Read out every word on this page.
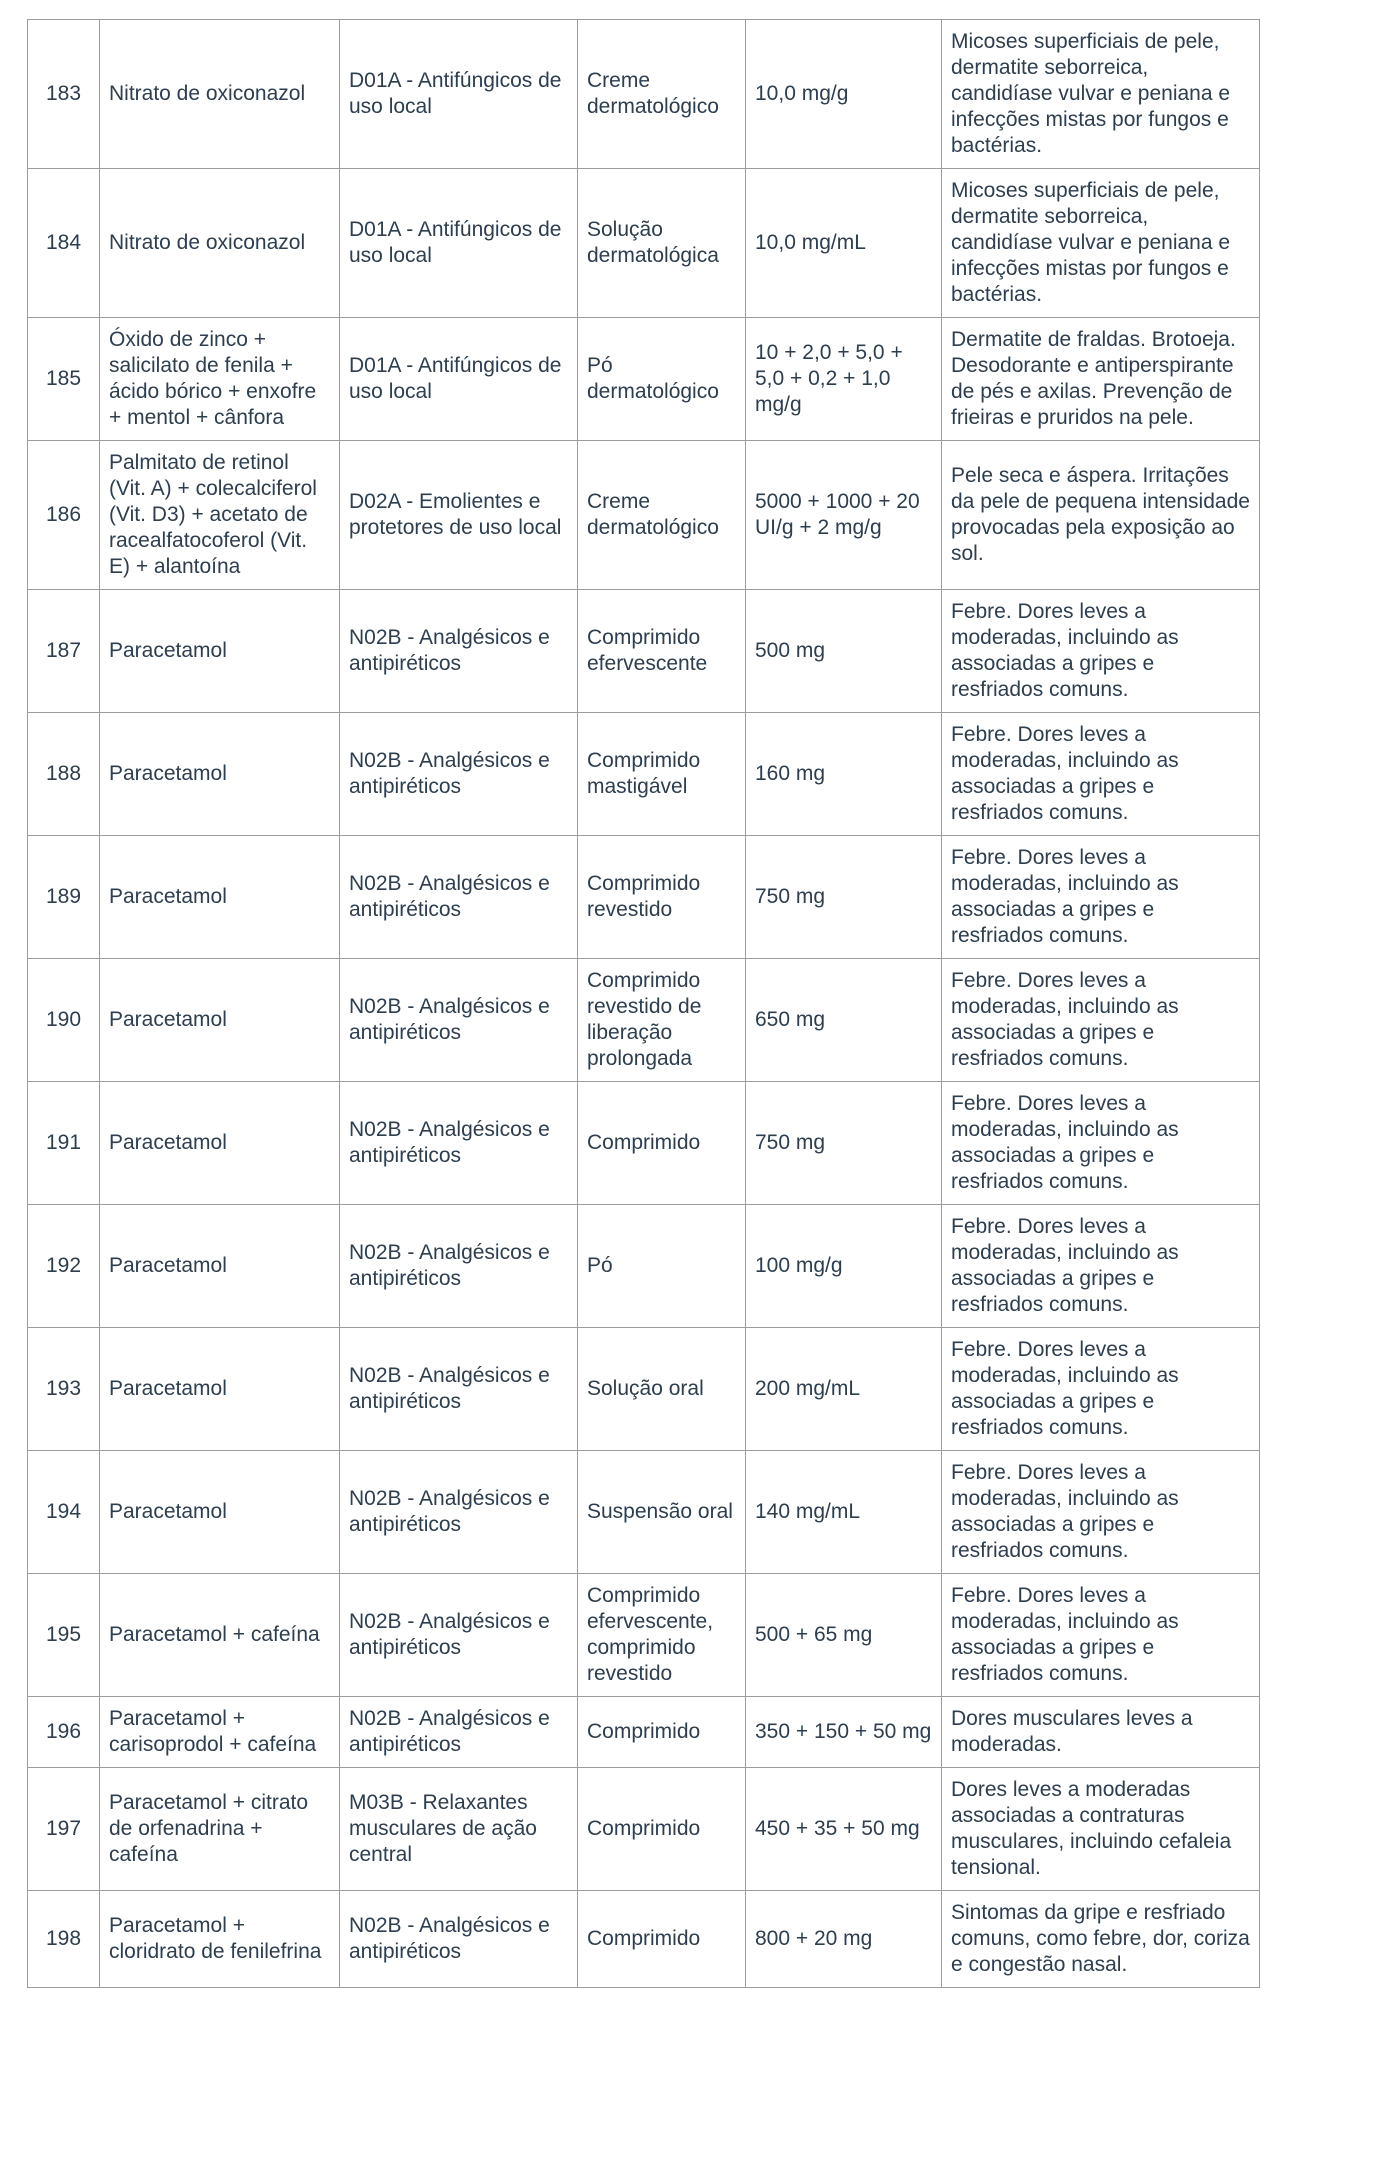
183	Nitrato de oxiconazol	D01A - Antifúngicos de uso local	Creme dermatológico	10,0 mg/g	Micoses superficiais de pele, dermatite seborreica, candidíase vulvar e peniana e infecções mistas por fungos e bactérias.
184	Nitrato de oxiconazol	D01A - Antifúngicos de uso local	Solução dermatológica	10,0 mg/mL	Micoses superficiais de pele, dermatite seborreica, candidíase vulvar e peniana e infecções mistas por fungos e bactérias.
185	Óxido de zinco + salicilato de fenila + ácido bórico + enxofre + mentol + cânfora	D01A - Antifúngicos de uso local	Pó dermatológico	10 + 2,0 + 5,0 + 5,0 + 0,2 + 1,0 mg/g	Dermatite de fraldas. Brotoeja. Desodorante e antiperspirante de pés e axilas. Prevenção de frieiras e pruridos na pele.
186	Palmitato de retinol (Vit. A) + colecalciferol (Vit. D3) + acetato de racealfatocoferol (Vit. E) + alantoína	D02A - Emolientes e protetores de uso local	Creme dermatológico	5000 + 1000 + 20 UI/g + 2 mg/g	Pele seca e áspera. Irritações da pele de pequena intensidade provocadas pela exposição ao sol.
187	Paracetamol	N02B - Analgésicos e antipiréticos	Comprimido efervescente	500 mg	Febre. Dores leves a moderadas, incluindo as associadas a gripes e resfriados comuns.
188	Paracetamol	N02B - Analgésicos e antipiréticos	Comprimido mastigável	160 mg	Febre. Dores leves a moderadas, incluindo as associadas a gripes e resfriados comuns.
189	Paracetamol	N02B - Analgésicos e antipiréticos	Comprimido revestido	750 mg	Febre. Dores leves a moderadas, incluindo as associadas a gripes e resfriados comuns.
190	Paracetamol	N02B - Analgésicos e antipiréticos	Comprimido revestido de liberação prolongada	650 mg	Febre. Dores leves a moderadas, incluindo as associadas a gripes e resfriados comuns.
191	Paracetamol	N02B - Analgésicos e antipiréticos	Comprimido	750 mg	Febre. Dores leves a moderadas, incluindo as associadas a gripes e resfriados comuns.
192	Paracetamol	N02B - Analgésicos e antipiréticos	Pó	100 mg/g	Febre. Dores leves a moderadas, incluindo as associadas a gripes e resfriados comuns.
193	Paracetamol	N02B - Analgésicos e antipiréticos	Solução oral	200 mg/mL	Febre. Dores leves a moderadas, incluindo as associadas a gripes e resfriados comuns.
194	Paracetamol	N02B - Analgésicos e antipiréticos	Suspensão oral	140 mg/mL	Febre. Dores leves a moderadas, incluindo as associadas a gripes e resfriados comuns.
195	Paracetamol + cafeína	N02B - Analgésicos e antipiréticos	Comprimido efervescente, comprimido revestido	500 + 65 mg	Febre. Dores leves a moderadas, incluindo as associadas a gripes e resfriados comuns.
196	Paracetamol + carisoprodol + cafeína	N02B - Analgésicos e antipiréticos	Comprimido	350 + 150 + 50 mg	Dores musculares leves a moderadas.
197	Paracetamol + citrato de orfenadrina + cafeína	M03B - Relaxantes musculares de ação central	Comprimido	450 + 35 + 50 mg	Dores leves a moderadas associadas a contraturas musculares, incluindo cefaleia tensional.
198	Paracetamol + cloridrato de fenilefrina	N02B - Analgésicos e antipiréticos	Comprimido	800 + 20 mg	Sintomas da gripe e resfriado comuns, como febre, dor, coriza e congestão nasal.
